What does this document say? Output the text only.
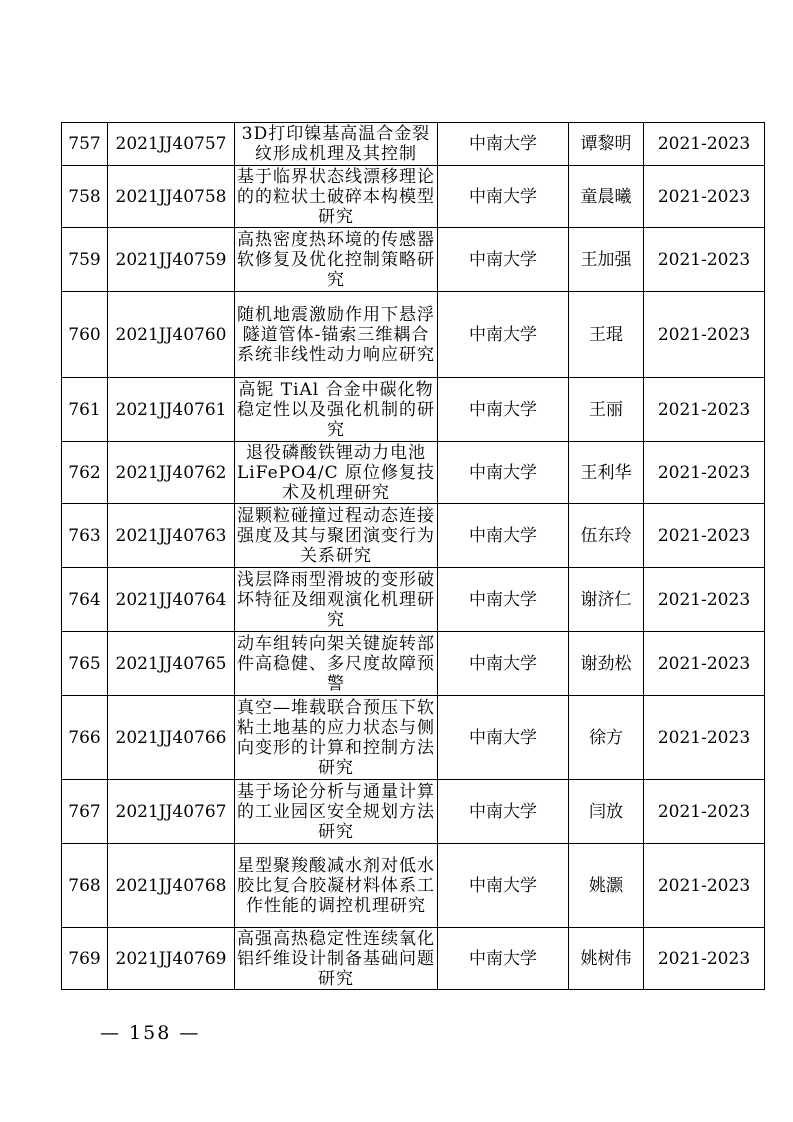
757	2021JJ40757	3D打印镍基高温合金裂纹形成机理及其控制	中南大学	谭黎明	2021-2023
758	2021JJ40758	基于临界状态线漂移理论的的粒状土破碎本构模型研究	中南大学	童晨曦	2021-2023
759	2021JJ40759	高热密度热环境的传感器软修复及优化控制策略研究	中南大学	王加强	2021-2023
760	2021JJ40760	随机地震激励作用下悬浮隧道管体-锚索三维耦合系统非线性动力响应研究	中南大学	王琨	2021-2023
761	2021JJ40761	高铌 TiAl 合金中碳化物稳定性以及强化机制的研究	中南大学	王丽	2021-2023
762	2021JJ40762	退役磷酸铁锂动力电池LiFePO4/C 原位修复技术及机理研究	中南大学	王利华	2021-2023
763	2021JJ40763	湿颗粒碰撞过程动态连接强度及其与聚团演变行为关系研究	中南大学	伍东玲	2021-2023
764	2021JJ40764	浅层降雨型滑坡的变形破坏特征及细观演化机理研究	中南大学	谢济仁	2021-2023
765	2021JJ40765	动车组转向架关键旋转部件高稳健、多尺度故障预警	中南大学	谢劲松	2021-2023
766	2021JJ40766	真空—堆载联合预压下软粘土地基的应力状态与侧向变形的计算和控制方法研究	中南大学	徐方	2021-2023
767	2021JJ40767	基于场论分析与通量计算的工业园区安全规划方法研究	中南大学	闫放	2021-2023
768	2021JJ40768	星型聚羧酸减水剂对低水胶比复合胶凝材料体系工作性能的调控机理研究	中南大学	姚灏	2021-2023
769	2021JJ40769	高强高热稳定性连续氧化铝纤维设计制备基础问题研究	中南大学	姚树伟	2021-2023
— 158 —
